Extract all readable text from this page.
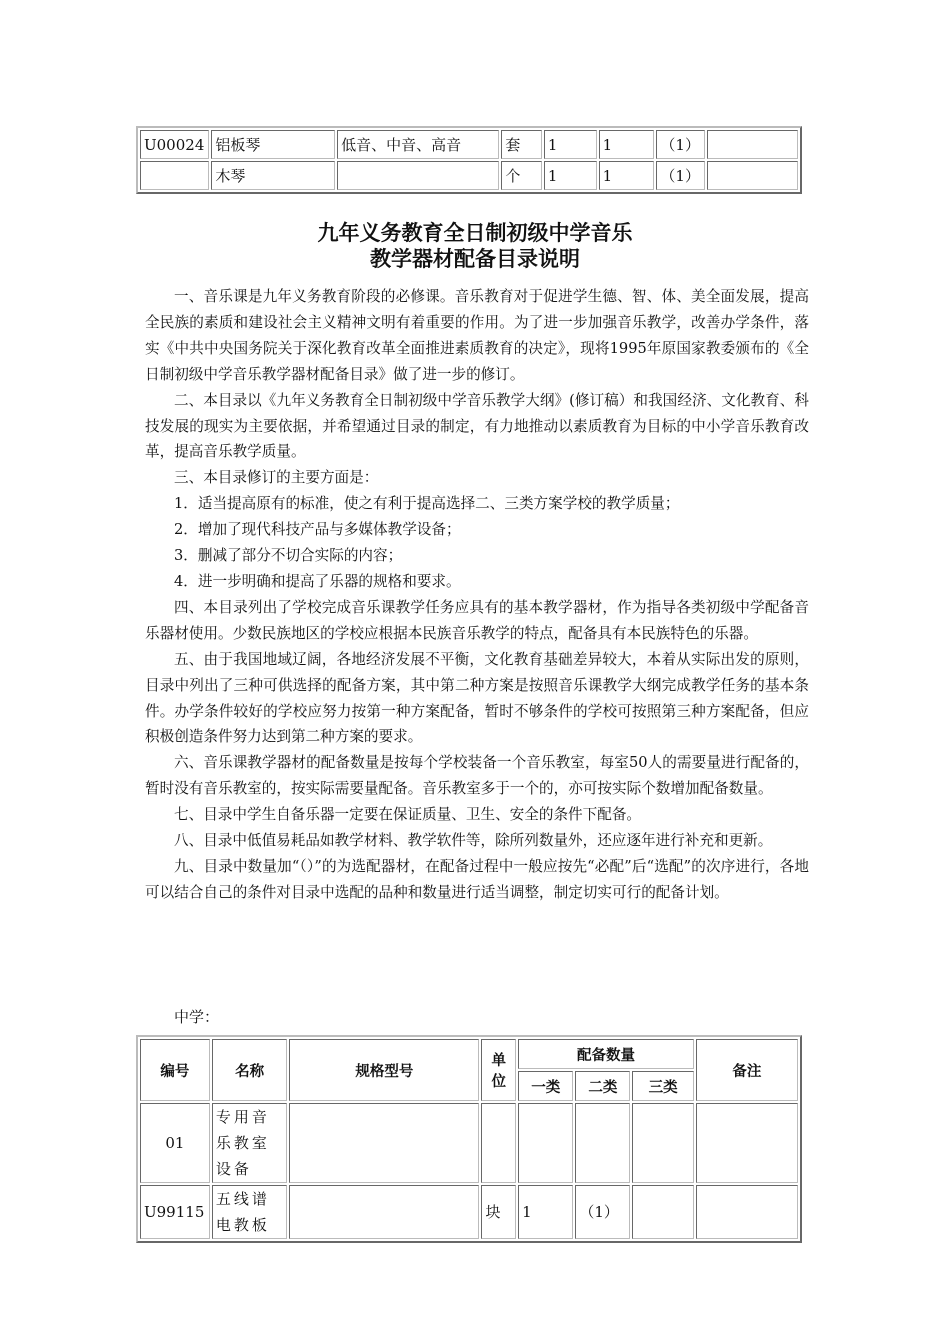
U00024	铝板琴	低音、中音、高音	套	1	1	（1）	
	木琴		个	1	1	（1）	
九年义务教育全日制初级中学音乐
教学器材配备目录说明

一、音乐课是九年义务教育阶段的必修课。音乐教育对于促进学生德、智、体、美全面发展，提高全民族的素质和建设社会主义精神文明有着重要的作用。为了进一步加强音乐教学，改善办学条件，落实《中共中央国务院关于深化教育改革全面推进素质教育的决定》，现将1995年原国家教委颁布的《全日制初级中学音乐教学器材配备目录》做了进一步的修订。

二、本目录以《九年义务教育全日制初级中学音乐教学大纲》(修订稿）和我国经济、文化教育、科技发展的现实为主要依据，并希望通过目录的制定，有力地推动以素质教育为目标的中小学音乐教育改革，提高音乐教学质量。

三、本目录修订的主要方面是：

1．适当提高原有的标准，使之有利于提高选择二、三类方案学校的教学质量；

2．增加了现代科技产品与多媒体教学设备；

3．删减了部分不切合实际的内容；

4．进一步明确和提高了乐器的规格和要求。

四、本目录列出了学校完成音乐课教学任务应具有的基本教学器材，作为指导各类初级中学配备音乐器材使用。少数民族地区的学校应根据本民族音乐教学的特点，配备具有本民族特色的乐器。

五、由于我国地域辽阔，各地经济发展不平衡，文化教育基础差异较大，本着从实际出发的原则，目录中列出了三种可供选择的配备方案，其中第二种方案是按照音乐课教学大纲完成教学任务的基本条件。办学条件较好的学校应努力按第一种方案配备，暂时不够条件的学校可按照第三种方案配备，但应积极创造条件努力达到第二种方案的要求。

六、音乐课教学器材的配备数量是按每个学校装备一个音乐教室，每室50人的需要量进行配备的，暂时没有音乐教室的，按实际需要量配备。音乐教室多于一个的，亦可按实际个数增加配备数量。

七、目录中学生自备乐器一定要在保证质量、卫生、安全的条件下配备。

八、目录中低值易耗品如教学材料、教学软件等，除所列数量外，还应逐年进行补充和更新。

九、目录中数量加“（）”的为选配器材，在配备过程中一般应按先“必配”后“选配”的次序进行，各地可以结合自己的条件对目录中选配的品种和数量进行适当调整，制定切实可行的配备计划。

中学：
编号	名称	规格型号	单位	配备数量			备注
				一类	二类	三类	
01	专用音乐教室设备						
U99115	五线谱电教板		块	1	（1）		
